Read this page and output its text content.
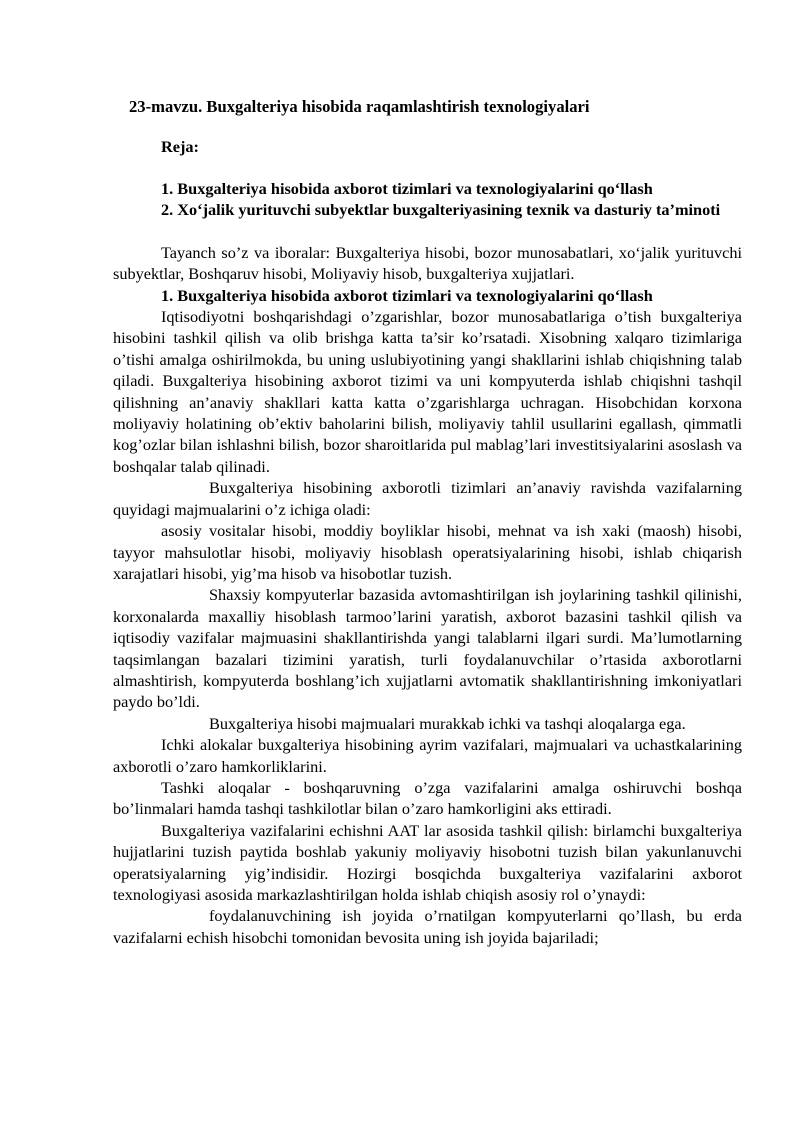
23-mavzu. Buxgalteriya hisobida raqamlashtirish texnologiyalari
Reja:

1. Buxgalteriya hisobida axborot tizimlari va texnologiyalarini qo‘llash

2. Xo‘jalik yurituvchi subyektlar buxgalteriyasining texnik va dasturiy ta’minoti

Tayanch so’z va iboralar: Buxgalteriya hisobi, bozor munosabatlari, xo‘jalik yurituvchi subyektlar, Boshqaruv hisobi, Moliyaviy hisob, buxgalteriya xujjatlari.

1. Buxgalteriya hisobida axborot tizimlari va texnologiyalarini qo‘llash

Iqtisodiyotni boshqarishdagi o’zgarishlar, bozor munosabatlariga o’tish buxgalteriya hisobini tashkil qilish va olib brishga katta ta’sir ko’rsatadi. Xisobning xalqaro tizimlariga o’tishi amalga oshirilmokda, bu uning uslubiyotining yangi shakllarini ishlab chiqishning talab qiladi. Buxgalteriya hisobining axborot tizimi va uni kompyuterda ishlab chiqishni tashqil qilishning an’anaviy shakllari katta katta o’zgarishlarga uchragan. Hisobchidan korxona moliyaviy holatining ob’ektiv baholarini bilish, moliyaviy tahlil usullarini egallash, qimmatli kog’ozlar bilan ishlashni bilish, bozor sharoitlarida pul mablag’lari investitsiyalarini asoslash va boshqalar talab qilinadi.

Buxgalteriya hisobining axborotli tizimlari an’anaviy ravishda vazifalarning quyidagi majmualarini o’z ichiga oladi:

asosiy vositalar hisobi, moddiy boyliklar hisobi, mehnat va ish xaki (maosh) hisobi, tayyor mahsulotlar hisobi, moliyaviy hisoblash operatsiyalarining hisobi, ishlab chiqarish xarajatlari hisobi, yig’ma hisob va hisobotlar tuzish.

Shaxsiy kompyuterlar bazasida avtomashtirilgan ish joylarining tashkil qilinishi, korxonalarda maxalliy hisoblash tarmoo’larini yaratish, axborot bazasini tashkil qilish va iqtisodiy vazifalar majmuasini shakllantirishda yangi talablarni ilgari surdi. Ma’lumotlarning taqsimlangan bazalari tizimini yaratish, turli foydalanuvchilar o’rtasida axborotlarni almashtirish, kompyuterda boshlang’ich xujjatlarni avtomatik shakllantirishning imkoniyatlari paydo bo’ldi.

Buxgalteriya hisobi majmualari murakkab ichki va tashqi aloqalarga ega.

Ichki alokalar buxgalteriya hisobining ayrim vazifalari, majmualari va uchastkalarining axborotli o’zaro hamkorliklarini.

Tashki aloqalar - boshqaruvning o’zga vazifalarini amalga oshiruvchi boshqa bo’linmalari hamda tashqi tashkilotlar bilan o’zaro hamkorligini aks ettiradi.

Buxgalteriya vazifalarini echishni AAT lar asosida tashkil qilish: birlamchi buxgalteriya hujjatlarini tuzish paytida boshlab yakuniy moliyaviy hisobotni tuzish bilan yakunlanuvchi operatsiyalarning yig’indisidir. Hozirgi bosqichda buxgalteriya vazifalarini axborot texnologiyasi asosida markazlashtirilgan holda ishlab chiqish asosiy rol o’ynaydi:

foydalanuvchining ish joyida o’rnatilgan kompyuterlarni qo’llash, bu erda vazifalarni echish hisobchi tomonidan bevosita uning ish joyida bajariladi;
